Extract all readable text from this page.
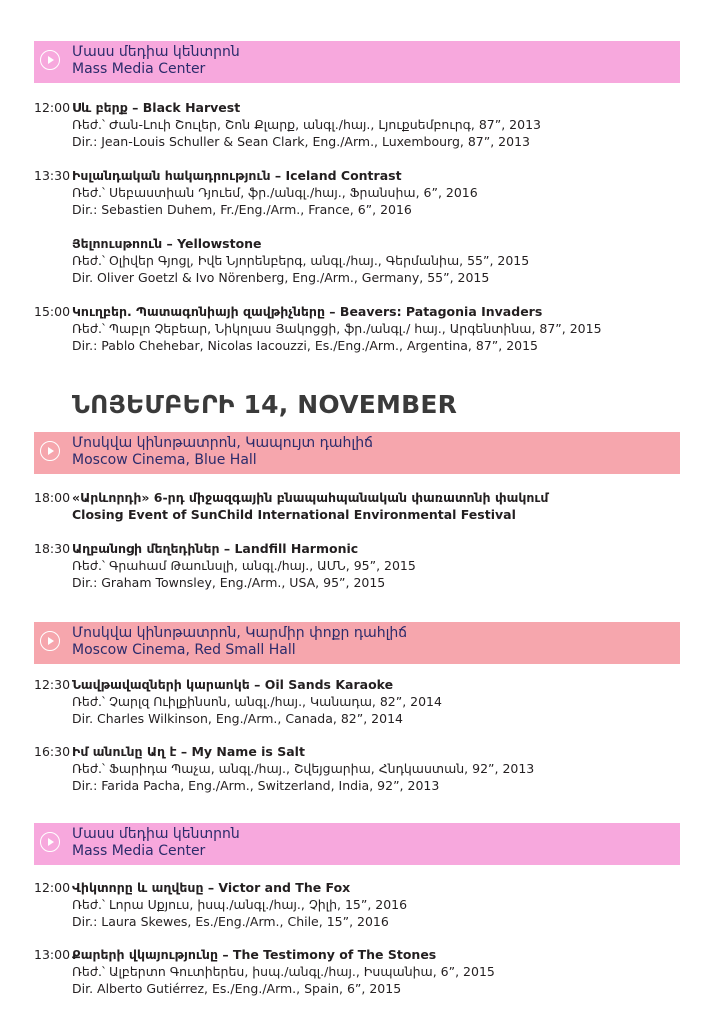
Մասս մեդիա կենտրոն
Mass Media Center
12:00 Սև բերք – Black Harvest
Ռեժ.՝ Ժան-Լուի Շուլեր, Շոն Քլարք, անգլ./հայ., Լյուքսեմբուրգ, 87”, 2013
Dir.: Jean-Louis Schuller & Sean Clark, Eng./Arm., Luxembourg, 87”, 2013
13:30 Իսլանդական հակադրություն – Iceland Contrast
Ռեժ.՝ Սեբաստիան Դյուեմ, ֆր./անգլ./հայ., Ֆրանսիա, 6”, 2016
Dir.: Sebastien Duhem, Fr./Eng./Arm., France, 6”, 2016
Յելոուսթոուն – Yellowstone
Ռեժ.՝ Օլիվեր Գյոցլ, Իվե Նյորենբերգ, անգլ./հայ., Գերմանիա, 55”, 2015
Dir. Oliver Goetzl & Ivo Nörenberg, Eng./Arm., Germany, 55”, 2015
15:00 Կուղբեր. Պատագոնիայի զավթիչները – Beavers: Patagonia Invaders
Ռեժ.՝ Պաբլո Չեբեար, Նիկոլաս Յակոցցի, ֆր./անգլ./ հայ., Արգենտինա, 87”, 2015
Dir.: Pablo Chehebar, Nicolas Iacouzzi, Es./Eng./Arm., Argentina, 87”, 2015
ՆՈՅԵՄԲԵՐԻ 14, NOVEMBER
Մոսկվա կինոթատրոն, Կապույտ դահլիճ
Moscow Cinema, Blue Hall
18:00 «Արևորդի» 6-րդ միջազգային բնապահպանական փառատոնի փակում
Closing Event of SunChild International Environmental Festival
18:30 Աղբանոցի մեղեդիներ – Landfill Harmonic
Ռեժ.՝ Գրահամ Թաունսլի, անգլ./հայ., ԱՄՆ, 95”, 2015
Dir.: Graham Townsley, Eng./Arm., USA, 95”, 2015
Մոսկվա կինոթատրոն, Կարմիր փոքր դահլիճ
Moscow Cinema, Red Small Hall
12:30 Նավթավազների կարաոկե – Oil Sands Karaoke
Ռեժ.՝ Չարլզ Ուիլքինսոն, անգլ./հայ., Կանադա, 82”, 2014
Dir. Charles Wilkinson, Eng./Arm., Canada, 82”, 2014
16:30 Իմ անունը Աղ է – My Name is Salt
Ռեժ.՝ Ֆարիդա Պաչա, անգլ./հայ., Շվեյցարիա, Հնդկաստան, 92”, 2013
Dir.: Farida Pacha, Eng./Arm., Switzerland, India, 92”, 2013
Մասս մեդիա կենտրոն
Mass Media Center
12:00 Վիկտորը և աղվեսը – Victor and The Fox
Ռեժ.՝ Լորա Սքյուս, իսպ./անգլ./հայ., Չիլի, 15”, 2016
Dir.: Laura Skewes, Es./Eng./Arm., Chile, 15”, 2016
13:00 Քարերի վկայությունը – The Testimony of The Stones
Ռեժ.՝ Ալբերտո Գուտիերես, իսպ./անգլ./հայ., Իսպանիա, 6”, 2015
Dir. Alberto Gutiérrez, Es./Eng./Arm., Spain, 6”, 2015
